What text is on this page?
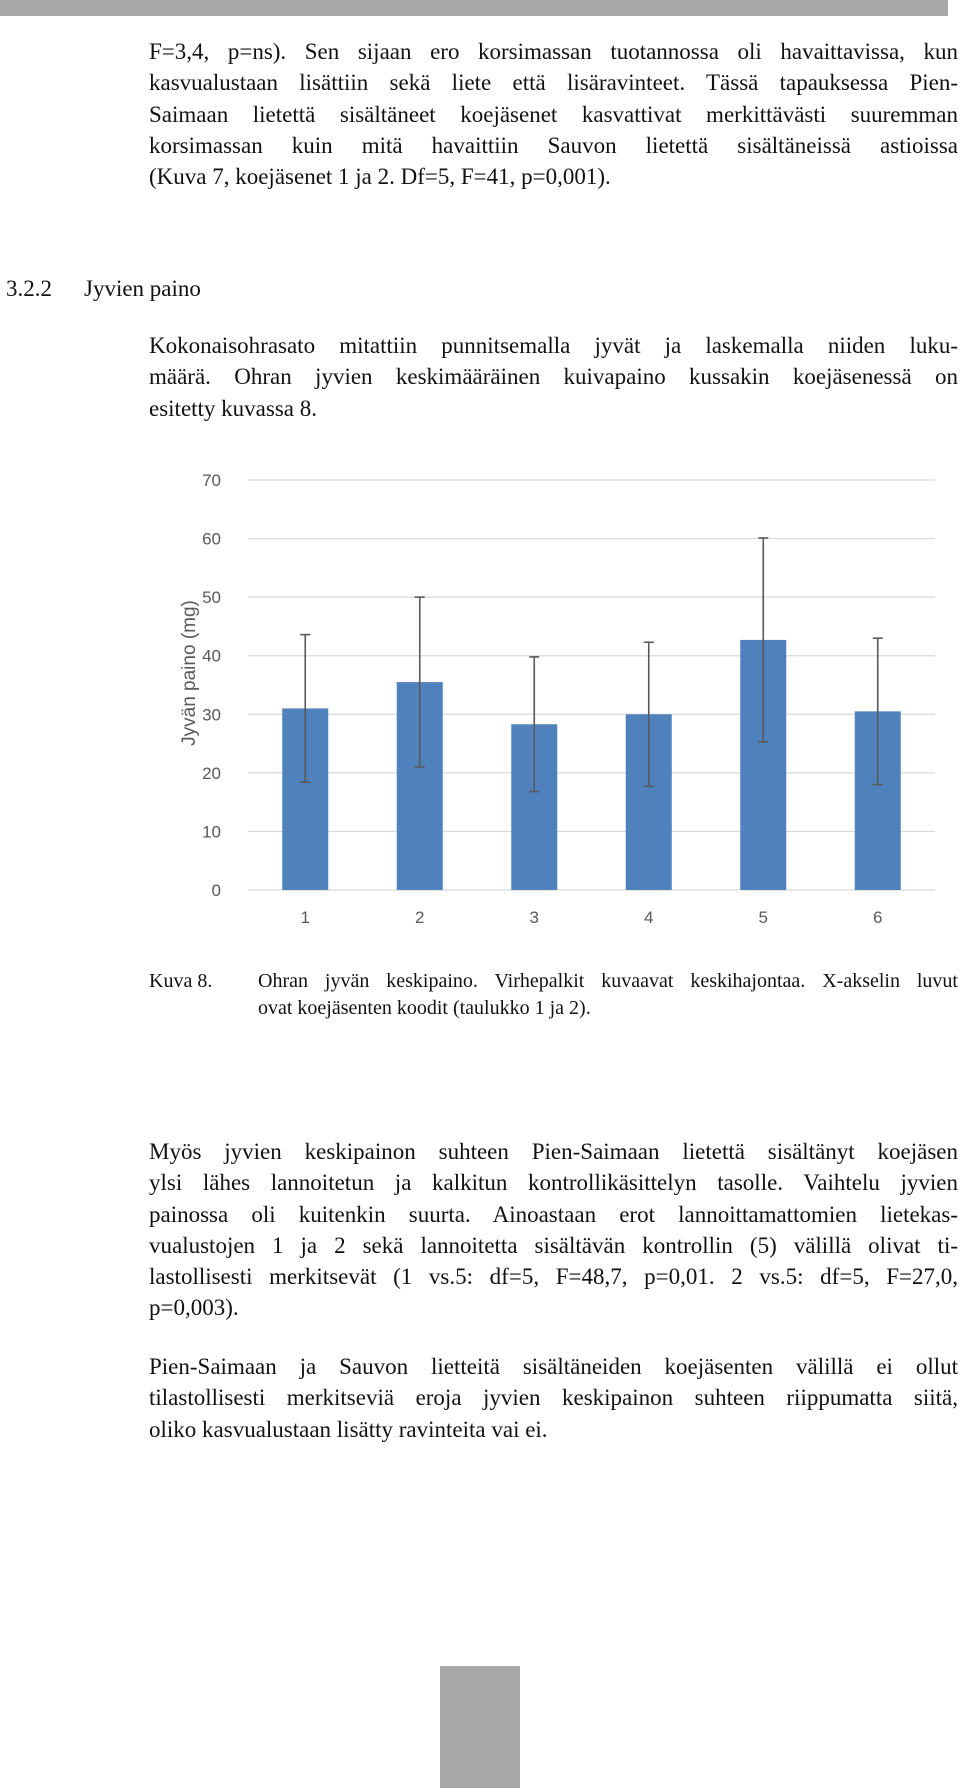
F=3,4, p=ns). Sen sijaan ero korsimassan tuotannossa oli havaittavissa, kun
kasvualustaan lisättiin sekä liete että lisäravinteet. Tässä tapauksessa Pien-
Saimaan lietettä sisältäneet koejäsenet kasvattivat merkittävästi suuremman
korsimassan kuin mitä havaittiin Sauvon lietettä sisältäneissä astioissa
(Kuva 7, koejäsenet 1 ja 2. Df=5, F=41, p=0,001).

3.2.2 Jyvien paino

Kokonaisohrasato mitattiin punnitsemalla jyvät ja laskemalla niiden luku-
määrä. Ohran jyvien keskimääräinen kuivapaino kussakin koejäsenessä on
esitetty kuvassa 8.

0
10
20
30
40
50
60
70
1	2	3	4	5	6
Jyvän paino (mg)
Kuva 8. Ohran jyvän keskipaino. Virhepalkit kuvaavat keskihajontaa. X-akselin luvut
ovat koejäsenten koodit (taulukko 1 ja 2).

Myös jyvien keskipainon suhteen Pien-Saimaan lietettä sisältänyt koejäsen
ylsi lähes lannoitetun ja kalkitun kontrollikäsittelyn tasolle. Vaihtelu jyvien
painossa oli kuitenkin suurta. Ainoastaan erot lannoittamattomien lietekas-
vualustojen 1 ja 2 sekä lannoitetta sisältävän kontrollin (5) välillä olivat ti-
lastollisesti merkitsevät (1 vs.5: df=5, F=48,7, p=0,01. 2 vs.5: df=5, F=27,0,
p=0,003).

Pien-Saimaan ja Sauvon lietteitä sisältäneiden koejäsenten välillä ei ollut
tilastollisesti merkitseviä eroja jyvien keskipainon suhteen riippumatta siitä,
oliko kasvualustaan lisätty ravinteita vai ei.
